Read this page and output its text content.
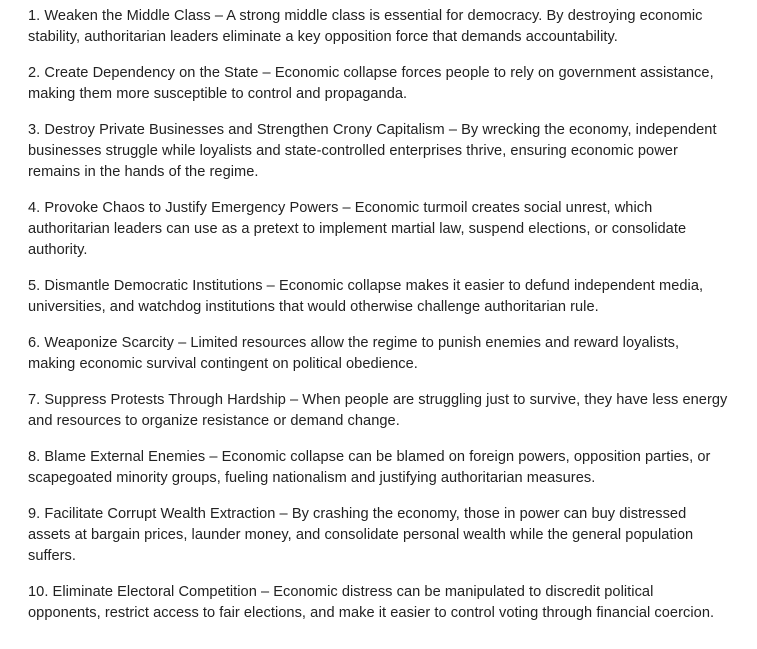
1. Weaken the Middle Class – A strong middle class is essential for democracy. By destroying economic stability, authoritarian leaders eliminate a key opposition force that demands accountability.

2. Create Dependency on the State – Economic collapse forces people to rely on government assistance, making them more susceptible to control and propaganda.

3. Destroy Private Businesses and Strengthen Crony Capitalism – By wrecking the economy, independent businesses struggle while loyalists and state-controlled enterprises thrive, ensuring economic power remains in the hands of the regime.

4. Provoke Chaos to Justify Emergency Powers – Economic turmoil creates social unrest, which authoritarian leaders can use as a pretext to implement martial law, suspend elections, or consolidate authority.

5. Dismantle Democratic Institutions – Economic collapse makes it easier to defund independent media, universities, and watchdog institutions that would otherwise challenge authoritarian rule.

6. Weaponize Scarcity – Limited resources allow the regime to punish enemies and reward loyalists, making economic survival contingent on political obedience.

7. Suppress Protests Through Hardship – When people are struggling just to survive, they have less energy and resources to organize resistance or demand change.

8. Blame External Enemies – Economic collapse can be blamed on foreign powers, opposition parties, or scapegoated minority groups, fueling nationalism and justifying authoritarian measures.

9. Facilitate Corrupt Wealth Extraction – By crashing the economy, those in power can buy distressed assets at bargain prices, launder money, and consolidate personal wealth while the general population suffers.

10. Eliminate Electoral Competition – Economic distress can be manipulated to discredit political opponents, restrict access to fair elections, and make it easier to control voting through financial coercion.
